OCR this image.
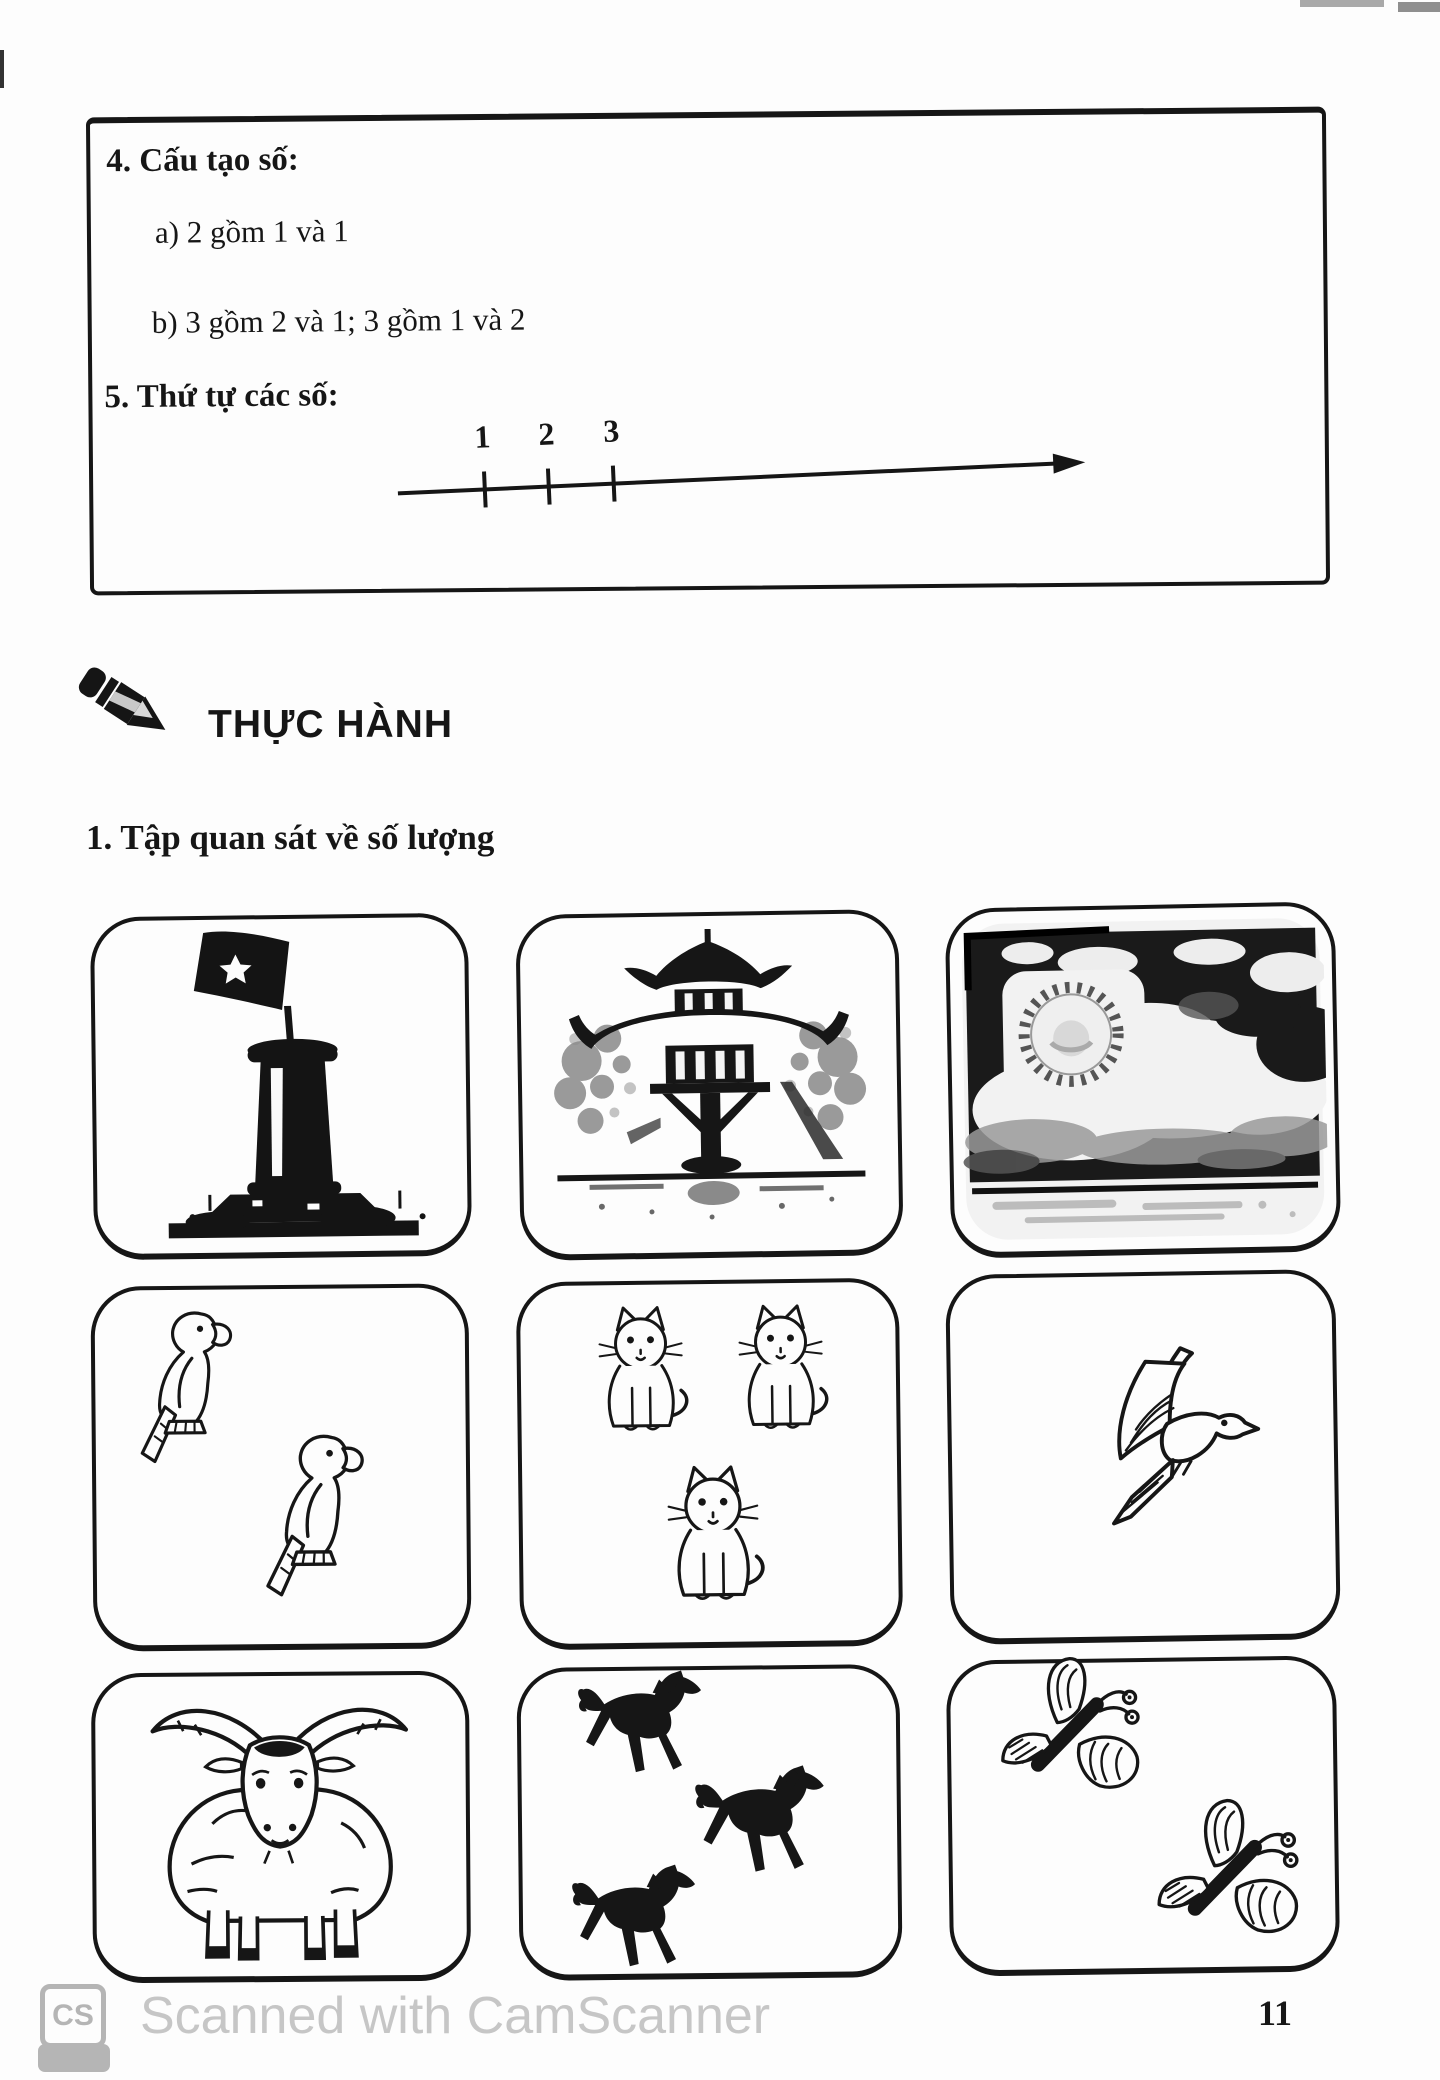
4. Cấu tạo số:
a) 2 gồm 1 và 1
b) 3 gồm 2 và 1; 3 gồm 1 và 2
5. Thứ tự các số:
1 2 3
THỰC HÀNH
1. Tập quan sát về số lượng
CS Scanned with CamScanner	11
